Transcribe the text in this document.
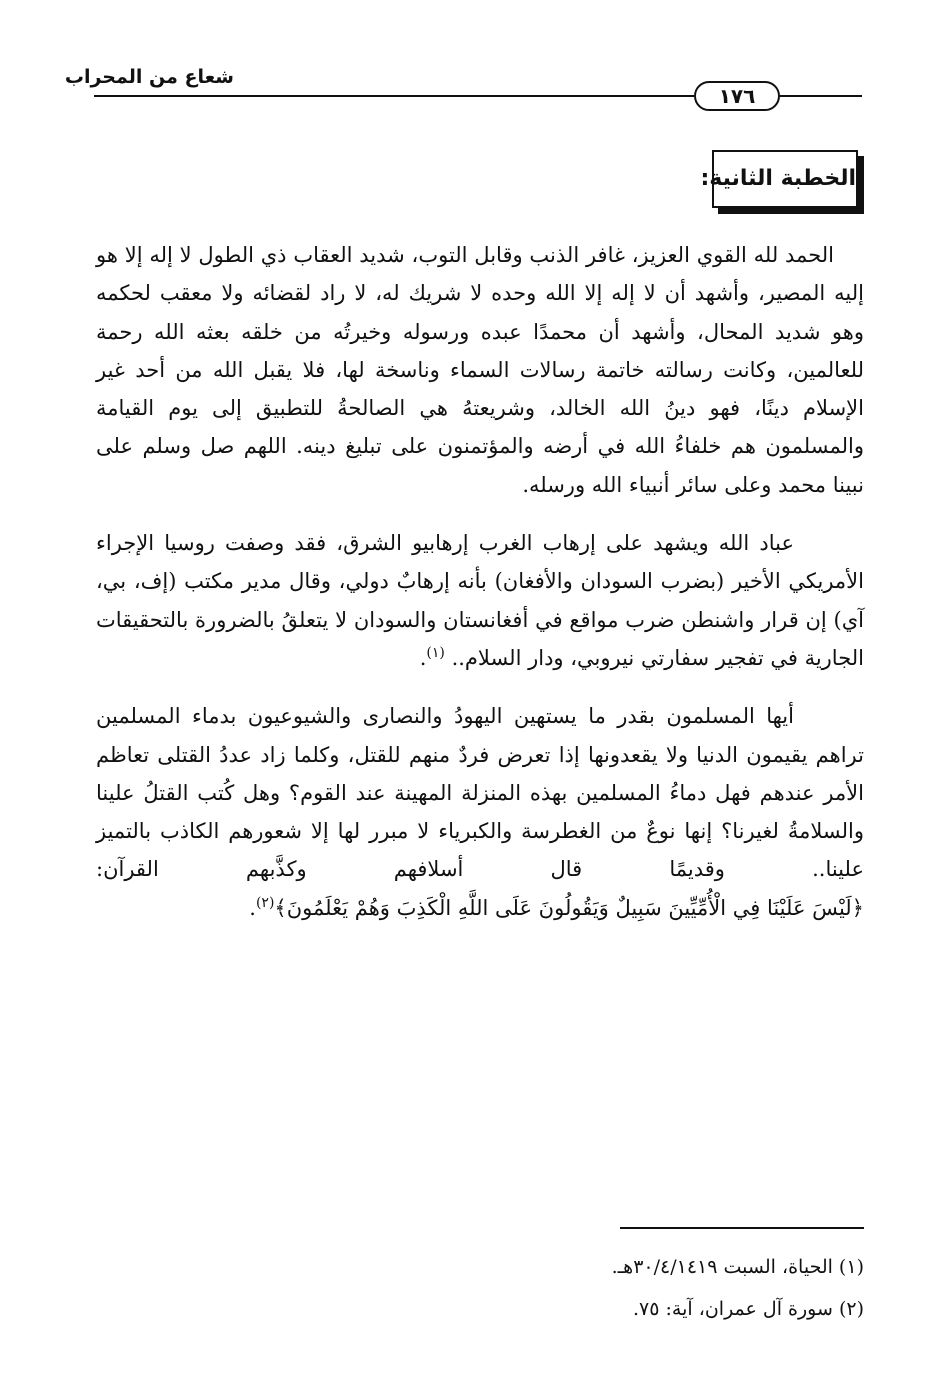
شعاع من المحراب
١٧٦
الخطبة الثانية:

الحمد لله القوي العزيز، غافر الذنب وقابل التوب، شديد العقاب ذي الطول لا إله إلا هو إليه المصير، وأشهد أن لا إله إلا الله وحده لا شريك له، لا راد لقضائه ولا معقب لحكمه وهو شديد المحال، وأشهد أن محمدًا عبده ورسوله وخيرتُه من خلقه بعثه الله رحمة للعالمين، وكانت رسالته خاتمة رسالات السماء وناسخة لها، فلا يقبل الله من أحد غير الإسلام دينًا، فهو دينُ الله الخالد، وشريعتهُ هي الصالحةُ للتطبيق إلى يوم القيامة والمسلمون هم خلفاءُ الله في أرضه والمؤتمنون على تبليغ دينه. اللهم صل وسلم على نبينا محمد وعلى سائر أنبياء الله ورسله.

عباد الله ويشهد على إرهاب الغرب إرهابيو الشرق، فقد وصفت روسيا الإجراء الأمريكي الأخير (بضرب السودان والأفغان) بأنه إرهابٌ دولي، وقال مدير مكتب (إف، بي، آي) إن قرار واشنطن ضرب مواقع في أفغانستان والسودان لا يتعلقُ بالضرورة بالتحقيقات الجارية في تفجير سفارتي نيروبي، ودار السلام.. $^{(١)}$.

أيها المسلمون بقدر ما يستهين اليهودُ والنصارى والشيوعيون بدماء المسلمين تراهم يقيمون الدنيا ولا يقعدونها إذا تعرض فردٌ منهم للقتل، وكلما زاد عددُ القتلى تعاظم الأمر عندهم فهل دماءُ المسلمين بهذه المنزلة المهينة عند القوم؟ وهل كُتب القتلُ علينا والسلامةُ لغيرنا؟ إنها نوعٌ من الغطرسة والكبرياء لا مبرر لها إلا شعورهم الكاذب بالتميز علينا.. وقديمًا قال أسلافهم وكذَّبهم القرآن: ﴿لَيْسَ عَلَيْنَا فِي الْأُمِّيِّينَ سَبِيلٌ وَيَقُولُونَ عَلَى اللَّهِ الْكَذِبَ وَهُمْ يَعْلَمُونَ﴾$^{(٢)}$.

(١) الحياة، السبت ٣٠/٤/١٤١٩هـ.
(٢) سورة آل عمران، آية: ٧٥.
